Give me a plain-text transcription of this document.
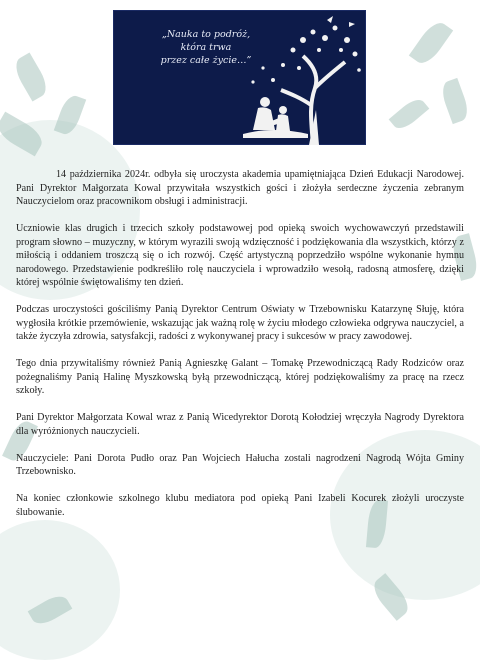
„Nauka to podróż,
która trwa
przez całe życie…”

14 października 2024r. odbyła się uroczysta akademia upamiętniająca Dzień Edukacji Narodowej. Pani Dyrektor Małgorzata Kowal przywitała wszystkich gości i złożyła serdeczne życzenia zebranym Nauczycielom oraz pracownikom obsługi i administracji.

Uczniowie klas drugich i trzecich szkoły podstawowej pod opieką swoich wychowawczyń przedstawili program słowno – muzyczny, w którym wyrazili swoją wdzięczność i podziękowania dla wszystkich, którzy z miłością i oddaniem troszczą się o ich rozwój. Część artystyczną poprzedziło wspólne wykonanie hymnu narodowego. Przedstawienie podkreśliło rolę nauczyciela i wprowadziło wesołą, radosną atmosferę, dzięki której wspólnie świętowaliśmy ten dzień.

Podczas uroczystości gościliśmy Panią Dyrektor Centrum Oświaty w Trzebownisku Katarzynę Słuję, która wygłosiła krótkie przemówienie, wskazując jak ważną rolę w życiu młodego człowieka odgrywa nauczyciel, a także życzyła zdrowia, satysfakcji, radości z wykonywanej pracy i sukcesów w pracy zawodowej.

Tego dnia przywitaliśmy również Panią Agnieszkę Galant – Tomakę Przewodniczącą Rady Rodziców oraz pożegnaliśmy Panią Halinę Myszkowską byłą przewodniczącą, której podziękowaliśmy za pracę na rzecz szkoły.

Pani Dyrektor Małgorzata Kowal wraz z Panią Wicedyrektor Dorotą Kołodziej wręczyła Nagrody Dyrektora dla wyróżnionych nauczycieli.

Nauczyciele: Pani Dorota Pudło oraz Pan Wojciech Hałucha zostali nagrodzeni Nagrodą Wójta Gminy Trzebownisko.

Na koniec członkowie szkolnego klubu mediatora pod opieką Pani Izabeli Kocurek złożyli uroczyste ślubowanie.
